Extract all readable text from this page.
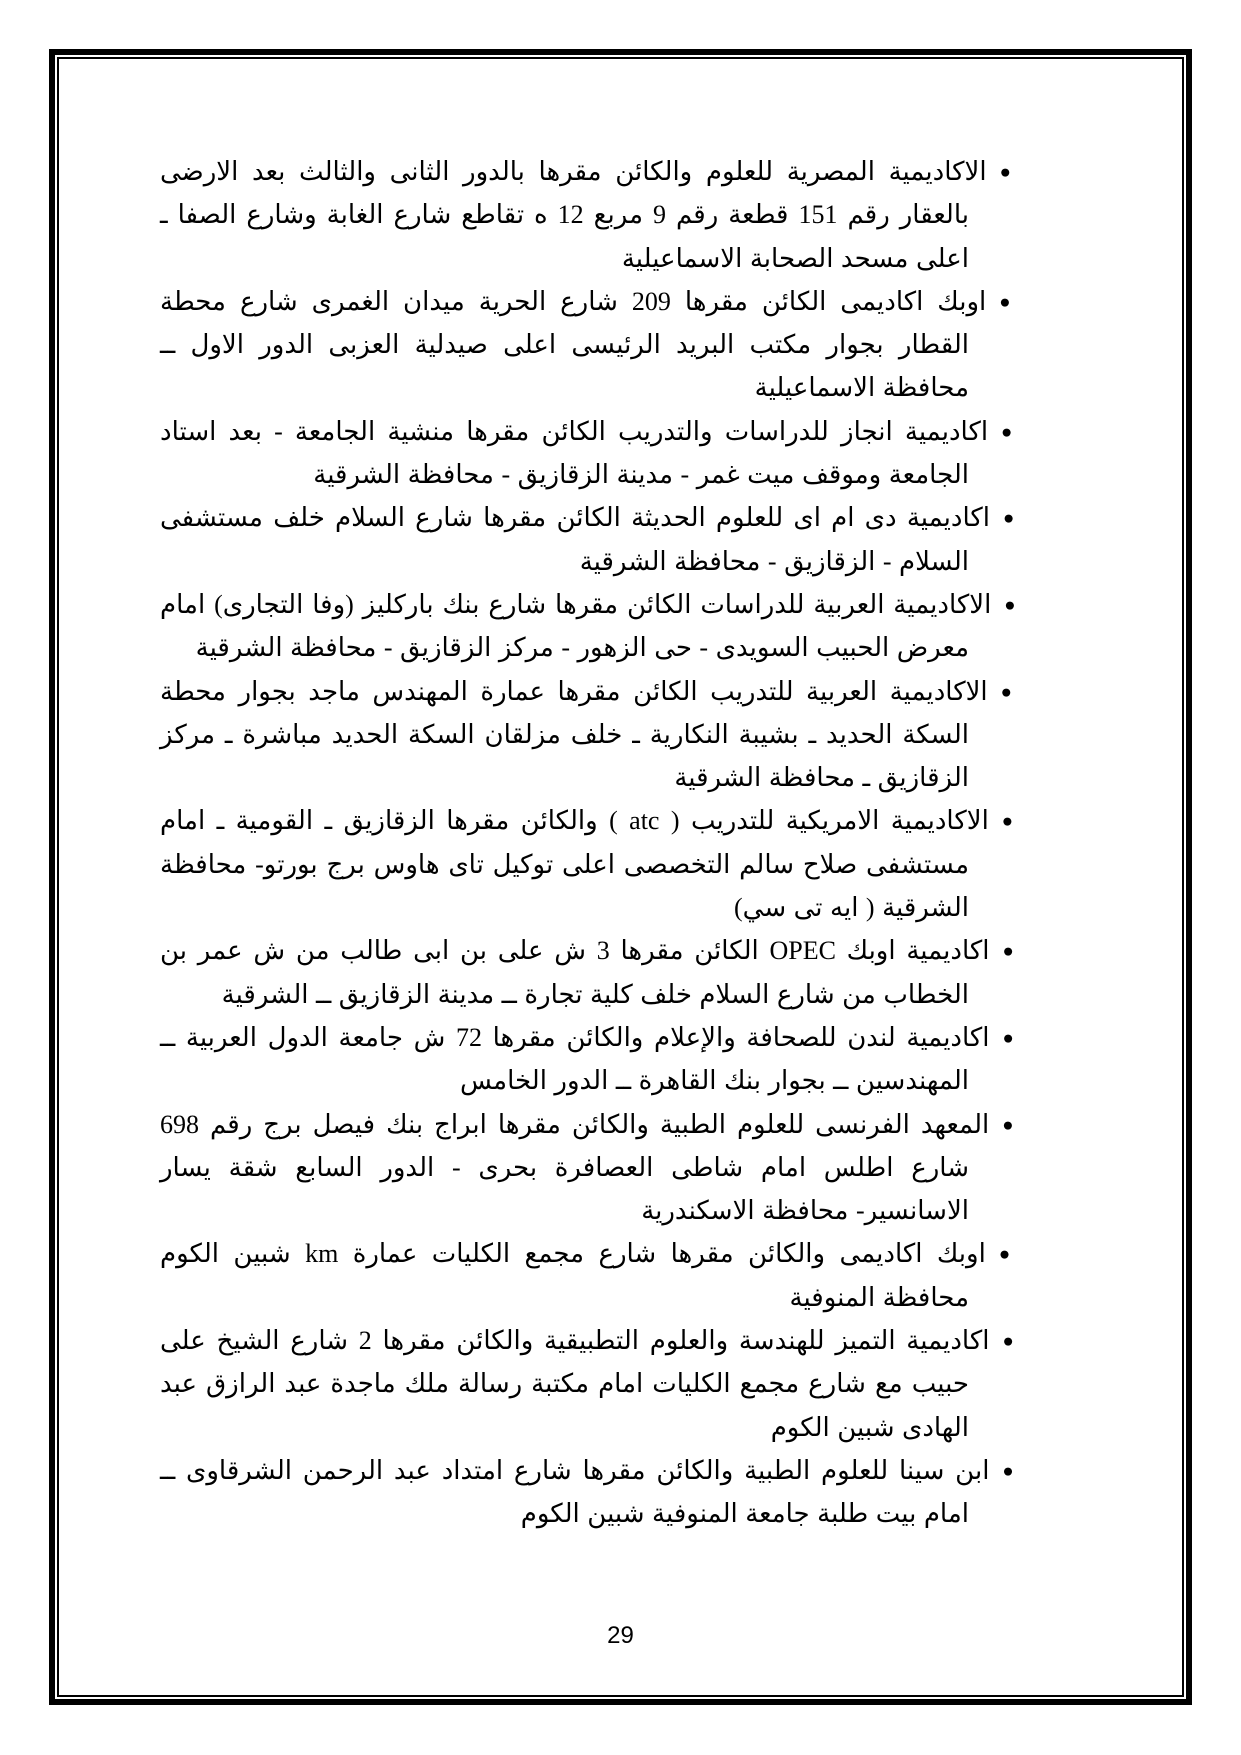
●الاكاديمية المصرية للعلوم والكائن مقرها بالدور الثانى والثالث بعد الارضى بالعقار رقم 151 قطعة رقم 9 مربع 12 ه تقاطع شارع الغابة وشارع الصفا ـ اعلى مسحد الصحابة الاسماعيلية
●اوبك اكاديمى الكائن مقرها 209 شارع الحرية ميدان الغمرى شارع محطة القطار بجوار مكتب البريد الرئيسى اعلى صيدلية العزبى الدور الاول ــ محافظة الاسماعيلية
●اكاديمية انجاز للدراسات والتدريب الكائن مقرها منشية الجامعة - بعد استاد الجامعة وموقف ميت غمر - مدينة الزقازيق - محافظة الشرقية
●اكاديمية دى ام اى للعلوم الحديثة الكائن مقرها شارع السلام خلف مستشفى السلام - الزقازيق - محافظة الشرقية
●الاكاديمية العربية للدراسات الكائن مقرها شارع بنك باركليز (وفا التجارى) امام معرض الحبيب السويدى - حى الزهور - مركز الزقازيق - محافظة الشرقية
●الاكاديمية العربية للتدريب الكائن مقرها عمارة المهندس ماجد بجوار محطة السكة الحديد ـ بشيبة النكارية ـ خلف مزلقان السكة الحديد مباشرة ـ مركز الزقازيق ـ محافظة الشرقية
●الاكاديمية الامريكية للتدريب ( atc ) والكائن مقرها الزقازيق ـ القومية ـ امام مستشفى صلاح سالم التخصصى اعلى توكيل تاى هاوس برج بورتو- محافظة الشرقية ( ايه تى سي)
●اكاديمية اوبك OPEC الكائن مقرها 3 ش على بن ابى طالب من ش عمر بن الخطاب من شارع السلام خلف كلية تجارة ــ مدينة الزقازيق ــ الشرقية
●اكاديمية لندن للصحافة والإعلام والكائن مقرها 72 ش جامعة الدول العربية ــ المهندسين ــ بجوار بنك القاهرة ــ الدور الخامس
●المعهد الفرنسى للعلوم الطبية والكائن مقرها ابراج بنك فيصل برج رقم 698 شارع اطلس امام شاطى العصافرة بحرى - الدور السابع شقة يسار الاسانسير- محافظة الاسكندرية
●اوبك اكاديمى والكائن مقرها شارع مجمع الكليات عمارة km شبين الكوم محافظة المنوفية
●اكاديمية التميز للهندسة والعلوم التطبيقية والكائن مقرها 2 شارع الشيخ على حبيب مع شارع مجمع الكليات امام مكتبة رسالة ملك ماجدة عبد الرازق عبد الهادى شبين الكوم
●ابن سينا للعلوم الطبية والكائن مقرها شارع امتداد عبد الرحمن الشرقاوى ــ امام بيت طلبة جامعة المنوفية شبين الكوم
29
